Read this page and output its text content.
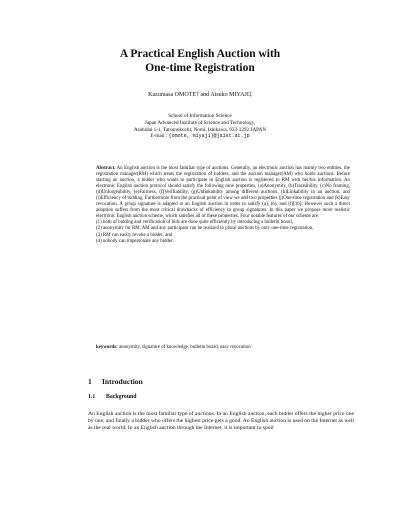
A Practical English Auction with
One-time Registration
Kazumasa OMOTE† and Atsuko MIYAJI‡
School of Information Science
Japan Advanced Institute of Science and Technology,
Asahidai 1-1, Tatsunokuchi, Nomi, Ishikawa, 923-1292 JAPAN
E-mail : {omote, miyaji}@jaist.ac.jp

Abstract. An English auction is the most familiar type of auctions. Generally, an electronic auction has mainly two entities, the registration manager(RM) which treats the registration of bidders, and the auction manager(AM) who holds auctions. Before starting an auction, a bidder who wants to participate in English auction is registered to RM with her/his information. An electronic English auction protocol should satisfy the following nine properties, (a)Anonymity, (b)Traceability, (c)No framing, (d)Unforgeability, (e)Fairness, (f)Verifiability, (g)Unlinkability among different auctions, (h)Linkability in an auction, and (i)Efficiency of bidding. Furthermore from the practical point of view we add two properties (j)One-time registration and (k)Easy revocation. A group signature is adapted to an English auction in order to satisfy (a), (b), and (f)[16]. However such a direct adoption suffers from the most critical drawbacks of efficiency in group signatures. In this paper we propose more realistic electronic English auction scheme, which satisfies all of these properties. Four notable features of our scheme are:

(1) both of bidding and verification of bids are done quite efficiently by introducing a bulletin board,

(2) anonymity for RM, AM and any participant can be realized to plural auctions by only one-time registration,

(3) RM can easily revoke a bidder, and

(4) nobody can impersonate any bidder.

keywords: anonymity, signature of knowledge, bulletin board, easy revocation
1 Introduction
1.1 Background
An English auction is the most familiar type of auctions. In an English auction, each bidder offers the higher price one by one, and finally a bidder who offers the highest price gets a good. An English auction is used on the Internet as well as the real world. In an English auction through the Internet, it is important to spoil
